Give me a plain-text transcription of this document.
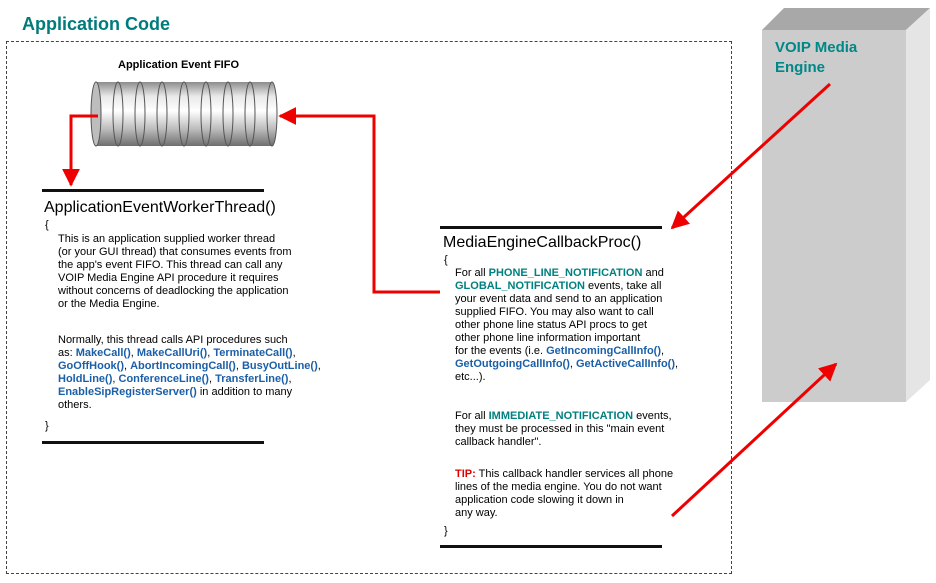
Application Code
VOIP Media Engine
Application Event FIFO
ApplicationEventWorkerThread()
{
This is an application supplied worker thread
(or your GUI thread) that consumes events from
the app's event FIFO. This thread can call any
VOIP Media Engine API procedure it requires
without concerns of deadlocking the application
or the Media Engine.
Normally, this thread calls API procedures such
as: MakeCall(), MakeCallUri(), TerminateCall(),
GoOffHook(), AbortIncomingCall(), BusyOutLine(),
HoldLine(), ConferenceLine(), TransferLine(),
EnableSipRegisterServer() in addition to many
others.
}
MediaEngineCallbackProc()
{
For all PHONE_LINE_NOTIFICATION and
GLOBAL_NOTIFICATION events, take all
your event data and send to an application
supplied FIFO. You may also want to call
other phone line status API procs to get
other phone line information important
for the events (i.e. GetIncomingCallInfo(),
GetOutgoingCallInfo(), GetActiveCallInfo(),
etc...).
For all IMMEDIATE_NOTIFICATION events,
they must be processed in this "main event
callback handler".
TIP: This callback handler services all phone
lines of the media engine. You do not want
application code slowing it down in
any way.
}
